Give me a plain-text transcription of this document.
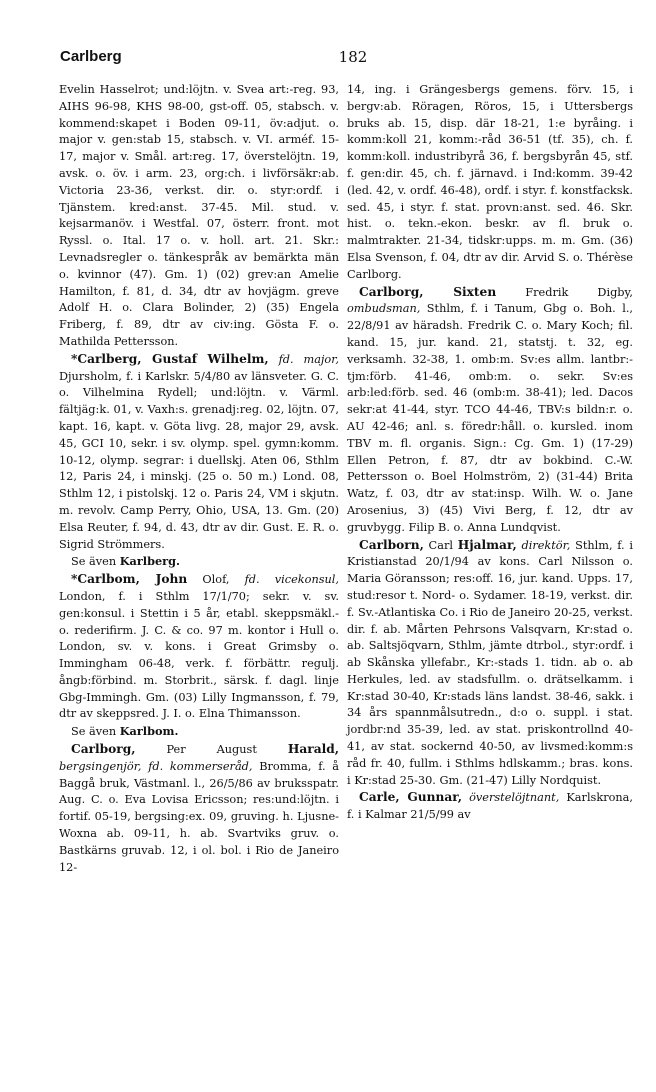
Carlberg	182

Evelin Hasselrot; und:löjtn. v. Svea art:-reg. 93, AIHS 96-98, KHS 98-00, gst-off. 05, stabsch. v. kommend:skapet i Boden 09-11, öv:adjut. o. major v. gen:stab 15, stabsch. v. VI. arméf. 15-17, major v. Smål. art:reg. 17, överstelöjtn. 19, avsk. o. öv. i arm. 23, org:ch. i livförsäkr:ab. Victoria 23-36, verkst. dir. o. styr:ordf. i Tjänstem. kred:anst. 37-45. Mil. stud. v. kejsarmanöv. i Westfal. 07, österr. front. mot Ryssl. o. Ital. 17 o. v. holl. art. 21. Skr.: Levnadsregler o. tänkespråk av bemärkta män o. kvinnor (47). Gm. 1) (02) grev:an Amelie Hamilton, f. 81, d. 34, dtr av hovjägm. greve Adolf H. o. Clara Bolinder, 2) (35) Engela Friberg, f. 89, dtr av civ:ing. Gösta F. o. Mathilda Pettersson.

*Carlberg, Gustaf Wilhelm, fd. major, Djursholm, f. i Karlskr. 5/4/80 av länsveter. G. C. o. Vilhelmina Rydell; und:löjtn. v. Värml. fältjäg:k. 01, v. Vaxh:s. grenadj:reg. 02, löjtn. 07, kapt. 16, kapt. v. Göta livg. 28, major 29, avsk. 45, GCI 10, sekr. i sv. olymp. spel. gymn:komm. 10-12, olymp. segrar: i duellskj. Aten 06, Sthlm 12, Paris 24, i minskj. (25 o. 50 m.) Lond. 08, Sthlm 12, i pistolskj. 12 o. Paris 24, VM i skjutn. m. revolv. Camp Perry, Ohio, USA, 13. Gm. (20) Elsa Reuter, f. 94, d. 43, dtr av dir. Gust. E. R. o. Sigrid Strömmers.

Se även Karlberg.

*Carlbom, John Olof, fd. vicekonsul, London, f. i Sthlm 17/1/70; sekr. v. sv. gen:konsul. i Stettin i 5 år, etabl. skeppsmäkl.- o. rederifirm. J. C. & co. 97 m. kontor i Hull o. London, sv. v. kons. i Great Grimsby o. Immingham 06-48, verk. f. förbättr. regulj. ångb:förbind. m. Storbrit., särsk. f. dagl. linje Gbg-Immingh. Gm. (03) Lilly Ingmansson, f. 79, dtr av skeppsred. J. I. o. Elna Thimansson.

Se även Karlbom.

Carlborg, Per August Harald, bergsingenjör, fd. kommerseråd, Bromma, f. å Baggå bruk, Västmanl. l., 26/5/86 av bruksspatr. Aug. C. o. Eva Lovisa Ericsson; res:und:löjtn. i fortif. 05-19, bergsing:ex. 09, gruving. h. Ljusne-Woxna ab. 09-11, h. ab. Svartviks gruv. o. Bastkärns gruvab. 12, i ol. bol. i Rio de Janeiro 12-

14, ing. i Grängesbergs gemens. förv. 15, i bergv:ab. Röragen, Röros, 15, i Uttersbergs bruks ab. 15, disp. där 18-21, 1:e byråing. i komm:koll 21, komm:-råd 36-51 (tf. 35), ch. f. komm:koll. industribyrå 36, f. bergsbyrån 45, stf. f. gen:dir. 45, ch. f. järnavd. i Ind:komm. 39-42 (led. 42, v. ordf. 46-48), ordf. i styr. f. konstfacksk. sed. 45, i styr. f. stat. provn:anst. sed. 46. Skr. hist. o. tekn.-ekon. beskr. av fl. bruk o. malmtrakter. 21-34, tidskr:upps. m. m. Gm. (36) Elsa Svenson, f. 04, dtr av dir. Arvid S. o. Thérèse Carlborg.

Carlborg, Sixten Fredrik Digby, ombudsman, Sthlm, f. i Tanum, Gbg o. Boh. l., 22/8/91 av häradsh. Fredrik C. o. Mary Koch; fil. kand. 15, jur. kand. 21, statstj. t. 32, eg. verksamh. 32-38, 1. omb:m. Sv:es allm. lantbr:-tjm:förb. 41-46, omb:m. o. sekr. Sv:es arb:led:förb. sed. 46 (omb:m. 38-41); led. Dacos sekr:at 41-44, styr. TCO 44-46, TBV:s bildn:r. o. AU 42-46; anl. s. föredr:håll. o. kursled. inom TBV m. fl. organis. Sign.: Cg. Gm. 1) (17-29) Ellen Petron, f. 87, dtr av bokbind. C.-W. Pettersson o. Boel Holmström, 2) (31-44) Brita Watz, f. 03, dtr av stat:insp. Wilh. W. o. Jane Arosenius, 3) (45) Vivi Berg, f. 12, dtr av gruvbygg. Filip B. o. Anna Lundqvist.

Carlborn, Carl Hjalmar, direktör, Sthlm, f. i Kristianstad 20/1/94 av kons. Carl Nilsson o. Maria Göransson; res:off. 16, jur. kand. Upps. 17, stud:resor t. Nord- o. Sydamer. 18-19, verkst. dir. f. Sv.-Atlantiska Co. i Rio de Janeiro 20-25, verkst. dir. f. ab. Mårten Pehrsons Valsqvarn, Kr:stad o. ab. Saltsjöqvarn, Sthlm, jämte dtrbol., styr:ordf. i ab Skånska yllefabr., Kr:-stads 1. tidn. ab o. ab Herkules, led. av stadsfullm. o. drätselkamm. i Kr:stad 30-40, Kr:stads läns landst. 38-46, sakk. i 34 års spannmålsutredn., d:o o. suppl. i stat. jordbr:nd 35-39, led. av stat. priskontrollnd 40-41, av stat. sockernd 40-50, av livsmed:komm:s råd fr. 40, fullm. i Sthlms hdlskamm.; bras. kons. i Kr:stad 25-30. Gm. (21-47) Lilly Nordquist.

Carle, Gunnar, överstelöjtnant, Karlskrona, f. i Kalmar 21/5/99 av
